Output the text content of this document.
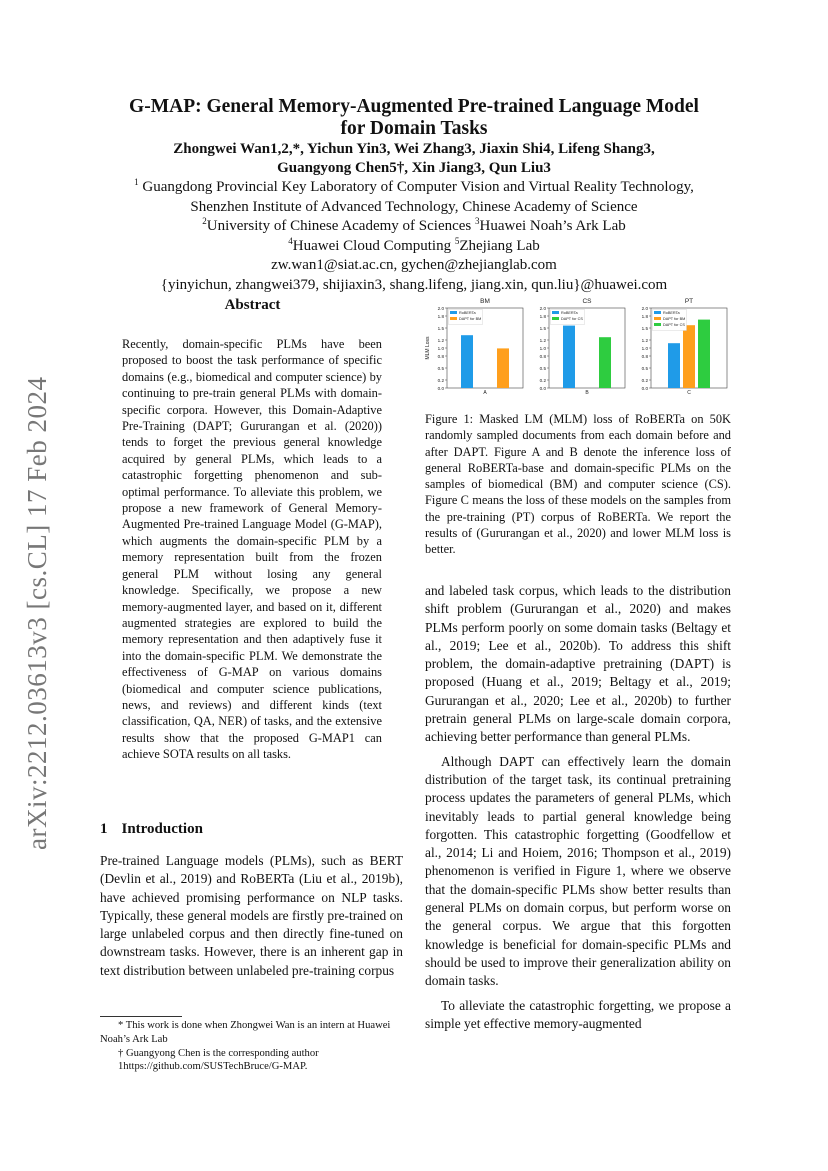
arXiv:2212.03613v3 [cs.CL] 17 Feb 2024
G-MAP: General Memory-Augmented Pre-trained Language Model
for Domain Tasks
Zhongwei Wan1,2,*, Yichun Yin3, Wei Zhang3, Jiaxin Shi4, Lifeng Shang3,
Guangyong Chen5†, Xin Jiang3, Qun Liu3
$^1$ Guangdong Provincial Key Laboratory of Computer Vision and Virtual Reality Technology,
Shenzhen Institute of Advanced Technology, Chinese Academy of Science
$^2$University of Chinese Academy of Sciences $^3$Huawei Noah’s Ark Lab
$^4$Huawei Cloud Computing $^5$Zhejiang Lab
zw.wan1@siat.ac.cn, gychen@zhejianglab.com
{yinyichun, zhangwei379, shijiaxin3, shang.lifeng, jiang.xin, qun.liu}@huawei.com
Abstract
Recently, domain-specific PLMs have been proposed to boost the task performance of specific domains (e.g., biomedical and computer science) by continuing to pre-train general PLMs with domain-specific corpora. However, this Domain-Adaptive Pre-Training (DAPT; Gururangan et al. (2020)) tends to forget the previous general knowledge acquired by general PLMs, which leads to a catastrophic forgetting phenomenon and sub-optimal performance. To alleviate this problem, we propose a new framework of General Memory-Augmented Pre-trained Language Model (G-MAP), which augments the domain-specific PLM by a memory representation built from the frozen general PLM without losing any general knowledge. Specifically, we propose a new memory-augmented layer, and based on it, different augmented strategies are explored to build the memory representation and then adaptively fuse it into the domain-specific PLM. We demonstrate the effectiveness of G-MAP on various domains (biomedical and computer science publications, news, and reviews) and different kinds (text classification, QA, NER) of tasks, and the extensive results show that the proposed G-MAP1 can achieve SOTA results on all tasks.
1 Introduction
Pre-trained Language models (PLMs), such as BERT (Devlin et al., 2019) and RoBERTa (Liu et al., 2019b), have achieved promising performance on NLP tasks. Typically, these general models are firstly pre-trained on large unlabeled corpus and then directly fine-tuned on downstream tasks. However, there is an inherent gap in text distribution between unlabeled pre-training corpus

* This work is done when Zhongwei Wan is an intern at Huawei Noah’s Ark Lab

† Guangyong Chen is the corresponding author

1https://github.com/SUSTechBruce/G-MAP.

BM
0.0
0.2
0.5
0.8
1.0
1.2
1.5
1.8
2.0
MLM Loss
A
RoBERTa
DAPT for BM
CS
0.0
0.2
0.5
0.8
1.0
1.2
1.5
1.8
2.0
B
RoBERTa
DAPT for CS
PT
0.0
0.2
0.5
0.8
1.0
1.2
1.5
1.8
2.0
C
RoBERTa
DAPT for BM
DAPT for CS
Figure 1: Masked LM (MLM) loss of RoBERTa on 50K randomly sampled documents from each domain before and after DAPT. Figure A and B denote the inference loss of general RoBERTa-base and domain-specific PLMs on the samples of biomedical (BM) and computer science (CS). Figure C means the loss of these models on the samples from the pre-training (PT) corpus of RoBERTa. We report the results of (Gururangan et al., 2020) and lower MLM loss is better.

and labeled task corpus, which leads to the distribution shift problem (Gururangan et al., 2020) and makes PLMs perform poorly on some domain tasks (Beltagy et al., 2019; Lee et al., 2020b). To address this shift problem, the domain-adaptive pretraining (DAPT) is proposed (Huang et al., 2019; Beltagy et al., 2019; Gururangan et al., 2020; Lee et al., 2020b) to further pretrain general PLMs on large-scale domain corpora, achieving better performance than general PLMs.

Although DAPT can effectively learn the domain distribution of the target task, its continual pretraining process updates the parameters of general PLMs, which inevitably leads to partial general knowledge being forgotten. This catastrophic forgetting (Goodfellow et al., 2014; Li and Hoiem, 2016; Thompson et al., 2019) phenomenon is verified in Figure 1, where we observe that the domain-specific PLMs show better results than general PLMs on domain corpus, but perform worse on the general corpus. We argue that this forgotten knowledge is beneficial for domain-specific PLMs and should be used to improve their generalization ability on domain tasks.

To alleviate the catastrophic forgetting, we propose a simple yet effective memory-augmented
